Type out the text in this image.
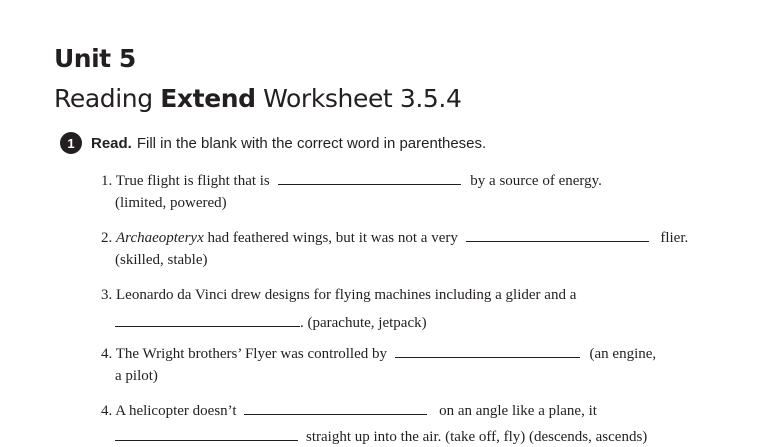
Unit 5
Reading Extend Worksheet 3.5.4
1	Read. Fill in the blank with the correct word in parentheses.
1. True flight is flight that is	by a source of energy.
(limited, powered)
2. Archaeopteryx had feathered wings, but it was not a very	flier.
(skilled, stable)
3. Leonardo da Vinci drew designs for flying machines including a glider and a
. (parachute, jetpack)
4. The Wright brothers’ Flyer was controlled by	(an engine,
a pilot)
4. A helicopter doesn’t	on an angle like a plane, it
straight up into the air. (take off, fly) (descends, ascends)
